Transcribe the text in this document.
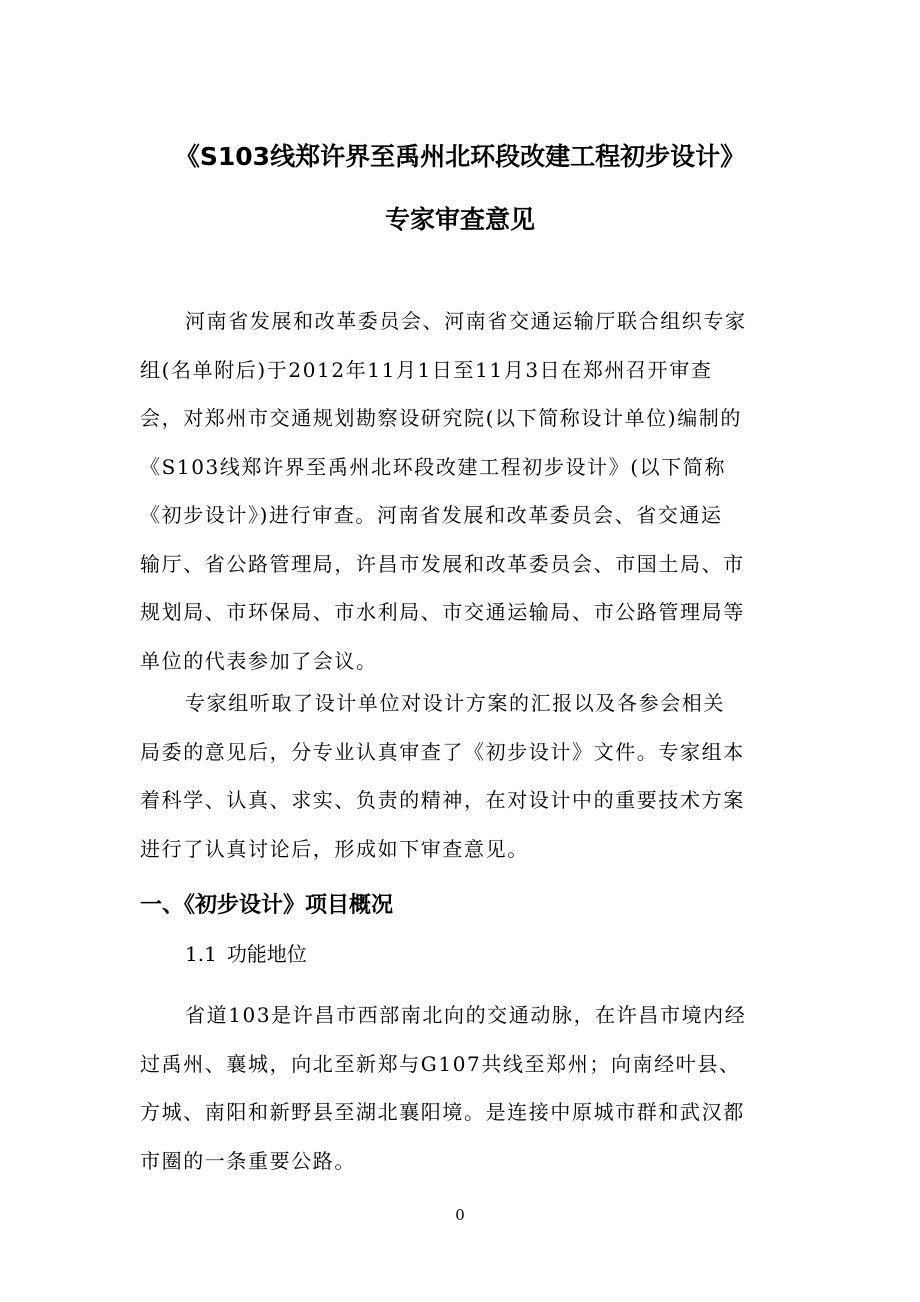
《S103线郑许界至禹州北环段改建工程初步设计》
专家审查意见
河南省发展和改革委员会、河南省交通运输厅联合组织专家
组(名单附后)于2012年11月1日至11月3日在郑州召开审查
会，对郑州市交通规划勘察设研究院(以下简称设计单位)编制的
《S103线郑许界至禹州北环段改建工程初步设计》(以下简称
《初步设计》)进行审查。河南省发展和改革委员会、省交通运
输厅、省公路管理局，许昌市发展和改革委员会、市国土局、市
规划局、市环保局、市水利局、市交通运输局、市公路管理局等
单位的代表参加了会议。
专家组听取了设计单位对设计方案的汇报以及各参会相关
局委的意见后，分专业认真审查了《初步设计》文件。专家组本
着科学、认真、求实、负责的精神，在对设计中的重要技术方案
进行了认真讨论后，形成如下审查意见。
一、《初步设计》项目概况
1.1 功能地位
省道103是许昌市西部南北向的交通动脉，在许昌市境内经
过禹州、襄城，向北至新郑与G107共线至郑州；向南经叶县、
方城、南阳和新野县至湖北襄阳境。是连接中原城市群和武汉都
市圈的一条重要公路。
0
